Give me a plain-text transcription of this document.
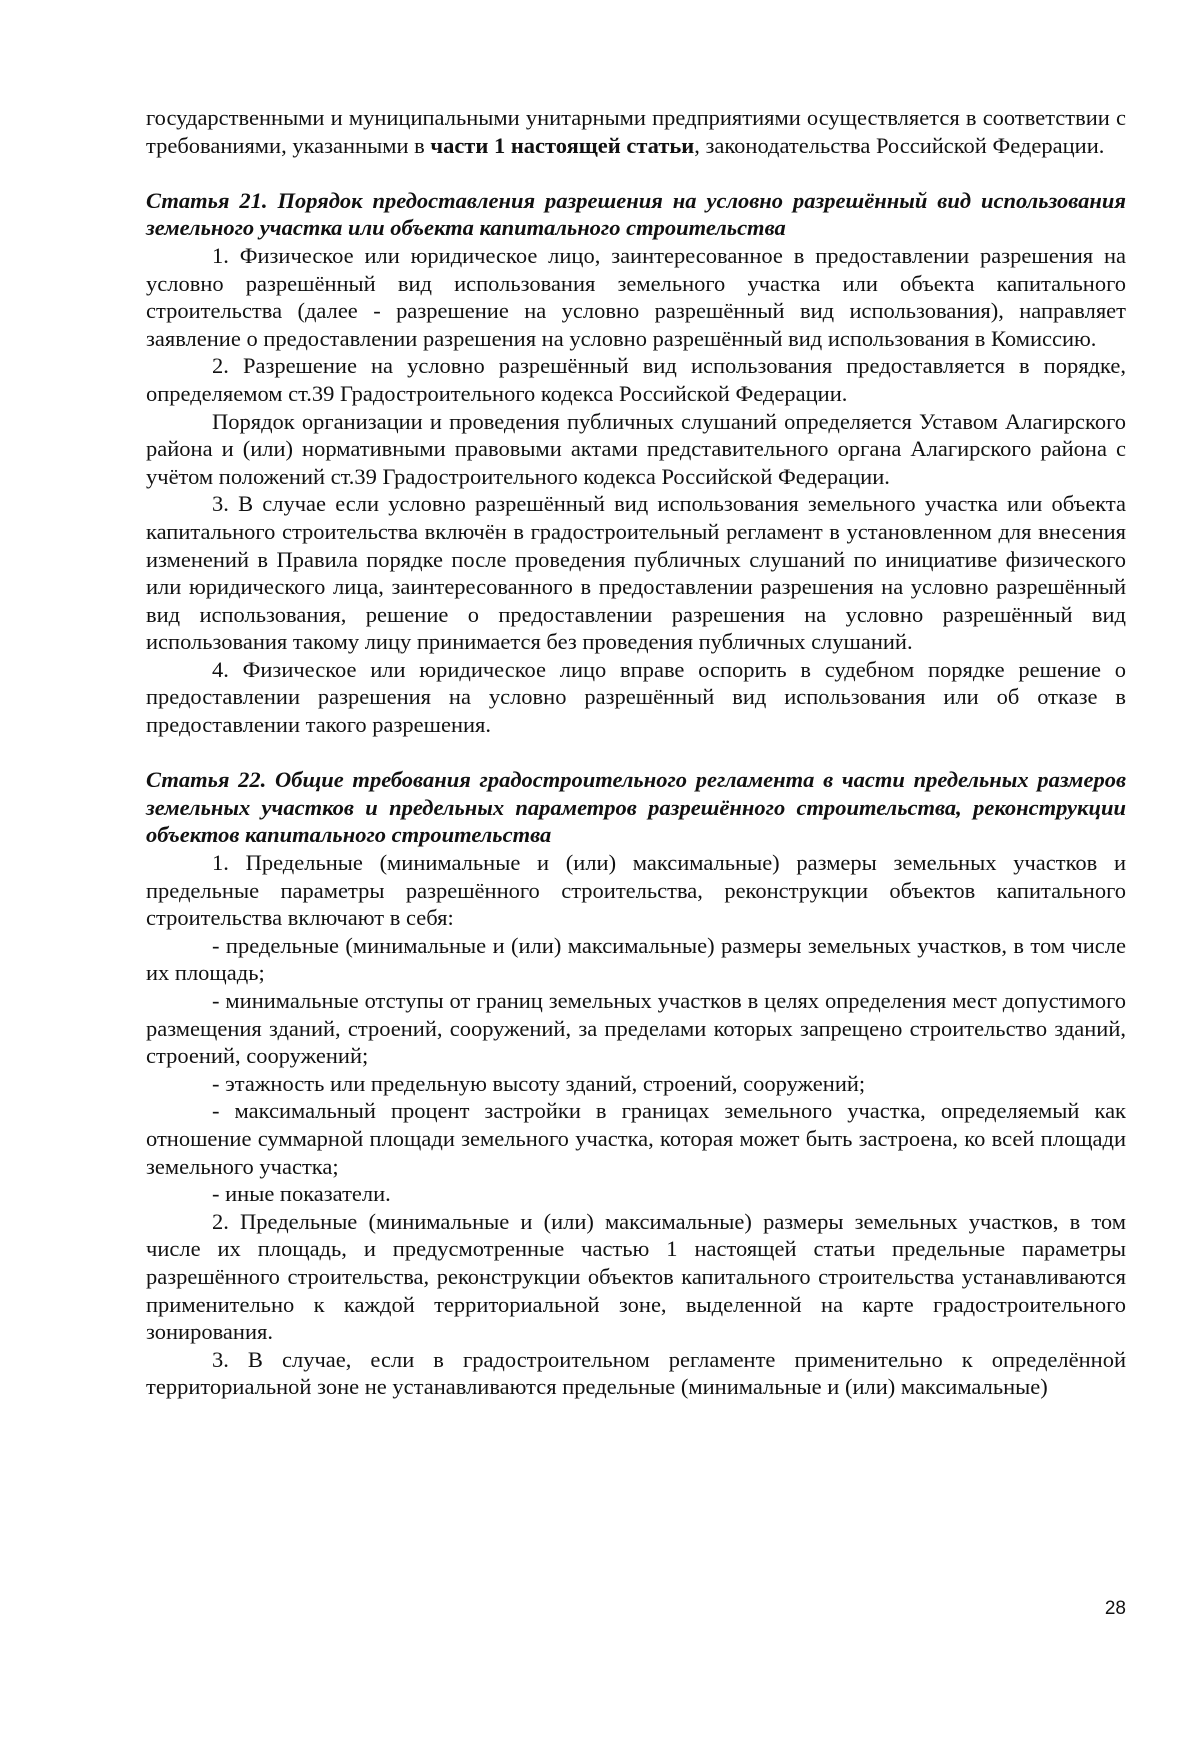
государственными и муниципальными унитарными предприятиями осуществляется в соответствии с требованиями, указанными в части 1 настоящей статьи, законодательства Российской Федерации.

Статья 21. Порядок предоставления разрешения на условно разрешённый вид использования земельного участка или объекта капитального строительства

1. Физическое или юридическое лицо, заинтересованное в предоставлении разрешения на условно разрешённый вид использования земельного участка или объекта капитального строительства (далее - разрешение на условно разрешённый вид использования), направляет заявление о предоставлении разрешения на условно разрешённый вид использования в Комиссию.

2. Разрешение на условно разрешённый вид использования предоставляется в порядке, определяемом ст.39 Градостроительного кодекса Российской Федерации.

Порядок организации и проведения публичных слушаний определяется Уставом Алагирского района и (или) нормативными правовыми актами представительного органа Алагирского района с учётом положений ст.39 Градостроительного кодекса Российской Федерации.

3. В случае если условно разрешённый вид использования земельного участка или объекта капитального строительства включён в градостроительный регламент в установленном для внесения изменений в Правила порядке после проведения публичных слушаний по инициативе физического или юридического лица, заинтересованного в предоставлении разрешения на условно разрешённый вид использования, решение о предоставлении разрешения на условно разрешённый вид использования такому лицу принимается без проведения публичных слушаний.

4. Физическое или юридическое лицо вправе оспорить в судебном порядке решение о предоставлении разрешения на условно разрешённый вид использования или об отказе в предоставлении такого разрешения.

Статья 22. Общие требования градостроительного регламента в части предельных размеров земельных участков и предельных параметров разрешённого строительства, реконструкции объектов капитального строительства

1. Предельные (минимальные и (или) максимальные) размеры земельных участков и предельные параметры разрешённого строительства, реконструкции объектов капитального строительства включают в себя:

- предельные (минимальные и (или) максимальные) размеры земельных участков, в том числе их площадь;

- минимальные отступы от границ земельных участков в целях определения мест допустимого размещения зданий, строений, сооружений, за пределами которых запрещено строительство зданий, строений, сооружений;

- этажность или предельную высоту зданий, строений, сооружений;

- максимальный процент застройки в границах земельного участка, определяемый как отношение суммарной площади земельного участка, которая может быть застроена, ко всей площади земельного участка;

- иные показатели.

2. Предельные (минимальные и (или) максимальные) размеры земельных участков, в том числе их площадь, и предусмотренные частью 1 настоящей статьи предельные параметры разрешённого строительства, реконструкции объектов капитального строительства устанавливаются применительно к каждой территориальной зоне, выделенной на карте градостроительного зонирования.

3. В случае, если в градостроительном регламенте применительно к определённой территориальной зоне не устанавливаются предельные (минимальные и (или) максимальные)

28
